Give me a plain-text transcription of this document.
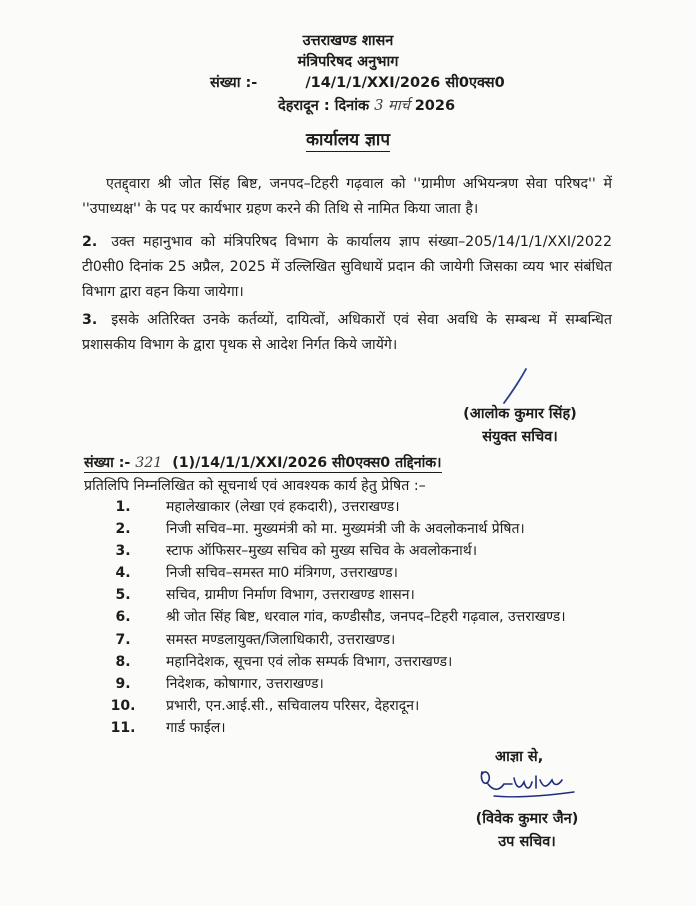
उत्तराखण्ड शासन
मंत्रिपरिषद अनुभाग
संख्या :-	/14/1/1/XXI/2026 सी0एक्स0
देहरादून : दिनांक 3 मार्च 2026
कार्यालय ज्ञाप
एतद्द्वारा श्री जोत सिंह बिष्ट, जनपद–टिहरी गढ़वाल को ''ग्रामीण अभियन्त्रण सेवा परिषद'' में ''उपाध्यक्ष'' के पद पर कार्यभार ग्रहण करने की तिथि से नामित किया जाता है।
2. उक्त महानुभाव को मंत्रिपरिषद विभाग के कार्यालय ज्ञाप संख्या–205/14/1/1/XXI/2022 टी0सी0 दिनांक 25 अप्रैल, 2025 में उल्लिखित सुविधायें प्रदान की जायेगी जिसका व्यय भार संबंधित विभाग द्वारा वहन किया जायेगा।
3. इसके अतिरिक्त उनके कर्तव्यों, दायित्वों, अधिकारों एवं सेवा अवधि के सम्बन्ध में सम्बन्धित प्रशासकीय विभाग के द्वारा पृथक से आदेश निर्गत किये जायेंगे।
(आलोक कुमार सिंह)
संयुक्त सचिव।
संख्या :- 321 (1)/14/1/1/XXI/2026 सी0एक्स0 तद्दिनांक।
प्रतिलिपि निम्नलिखित को सूचनार्थ एवं आवश्यक कार्य हेतु प्रेषित :–
1.	महालेखाकार (लेखा एवं हकदारी), उत्तराखण्ड।
2.	निजी सचिव–मा. मुख्यमंत्री को मा. मुख्यमंत्री जी के अवलोकनार्थ प्रेषित।
3.	स्टाफ ऑफिसर–मुख्य सचिव को मुख्य सचिव के अवलोकनार्थ।
4.	निजी सचिव–समस्त मा0 मंत्रिगण, उत्तराखण्ड।
5.	सचिव, ग्रामीण निर्माण विभाग, उत्तराखण्ड शासन।
6.	श्री जोत सिंह बिष्ट, धरवाल गांव, कण्डीसौड, जनपद–टिहरी गढ़वाल, उत्तराखण्ड।
7.	समस्त मण्डलायुक्त/जिलाधिकारी, उत्तराखण्ड।
8.	महानिदेशक, सूचना एवं लोक सम्पर्क विभाग, उत्तराखण्ड।
9.	निदेशक, कोषागार, उत्तराखण्ड।
10. प्रभारी, एन.आई.सी., सचिवालय परिसर, देहरादून।
11. गार्ड फाईल।
आज्ञा से,
(विवेक कुमार जैन)
उप सचिव।
